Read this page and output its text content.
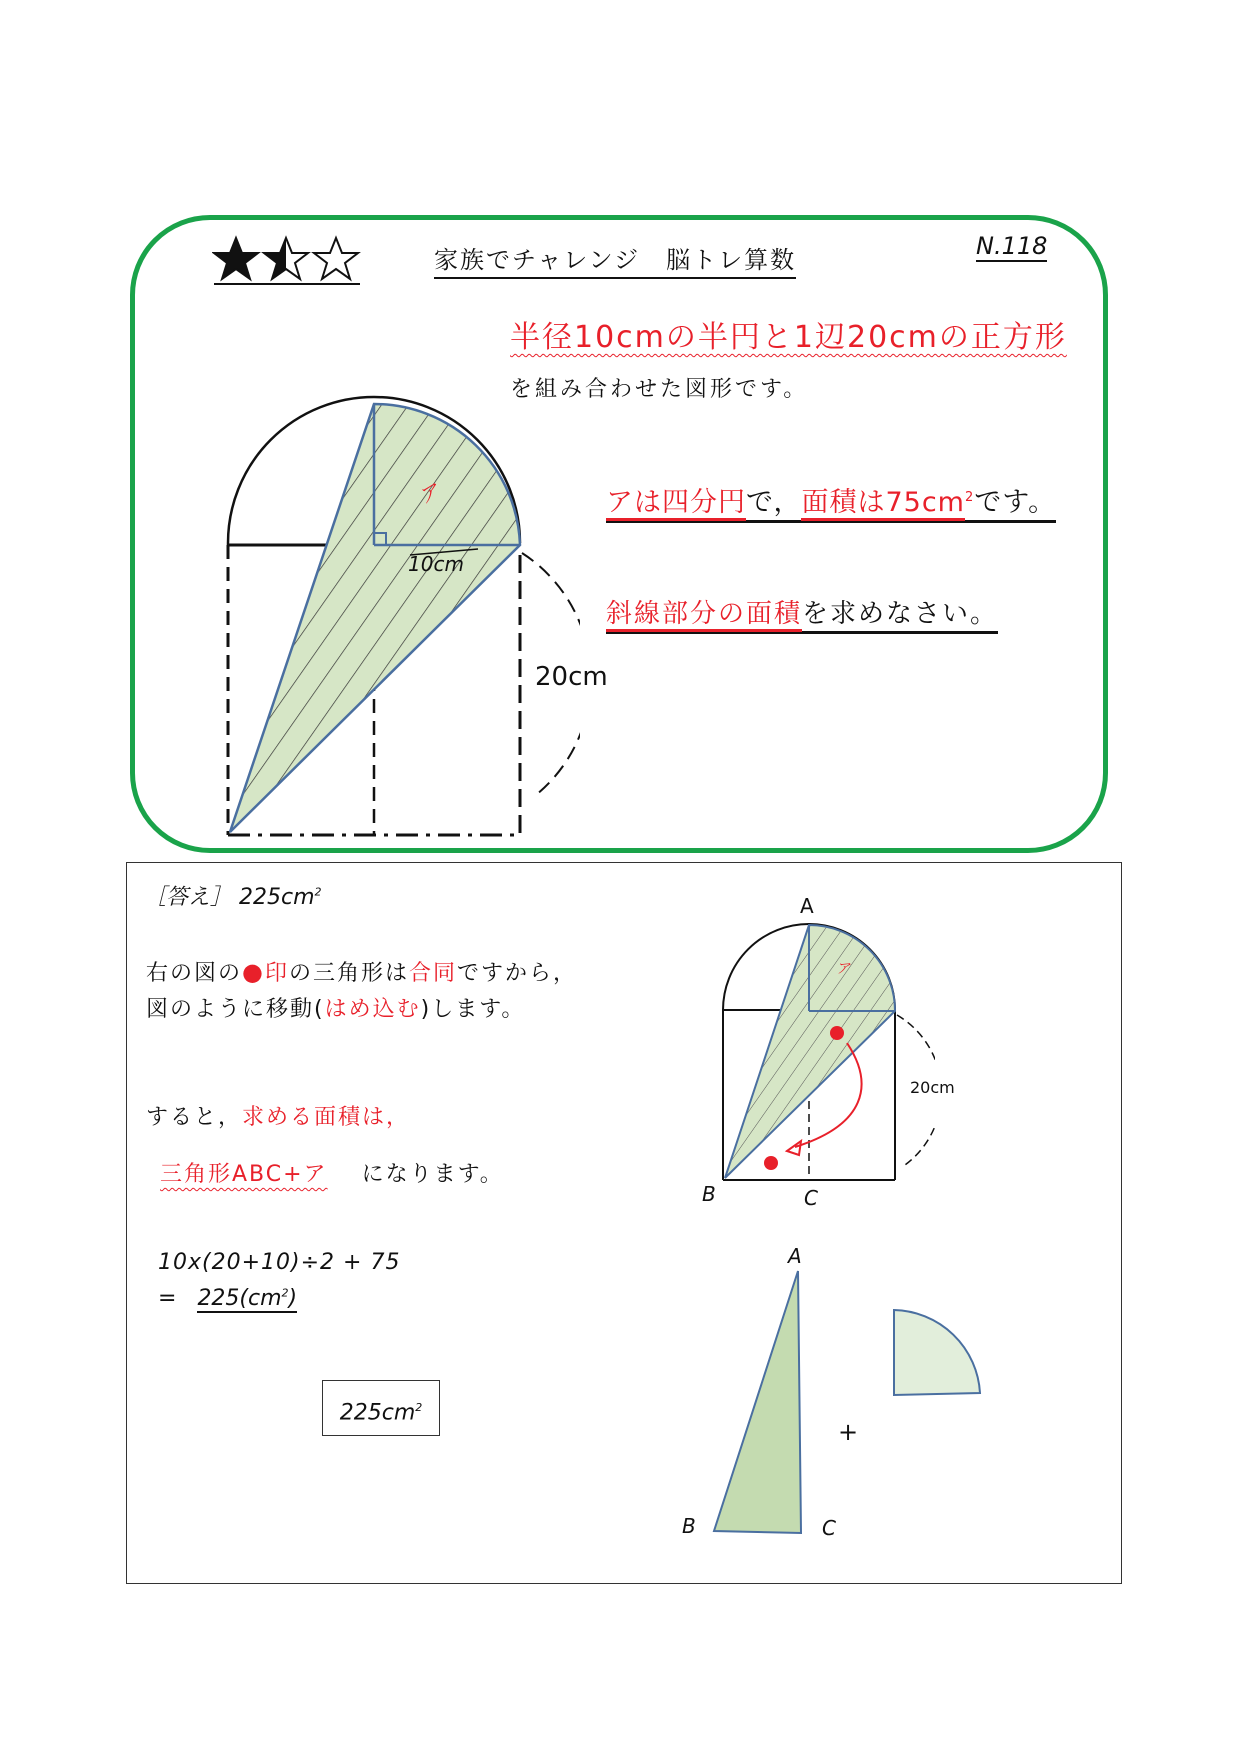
家族でチャレンジ　脳トレ算数	N.118
半径10cmの半円と1辺20cmの正方形
を組み合わせた図形です。
アは四分円で，面積は$75cm^2$です。
斜線部分の面積を求めなさい。
ア
10cm
20cm
［答え］ $225cm^2$
右の図の●印の三角形は合同ですから，
図のように移動(はめ込む)します。
すると，求める面積は，
三角形ABC+ア になります。
10x(20+10)÷2 + 75
= $225(cm^2)$
$225cm^2$
A
B	C
ア
20cm
A
B	C
+
